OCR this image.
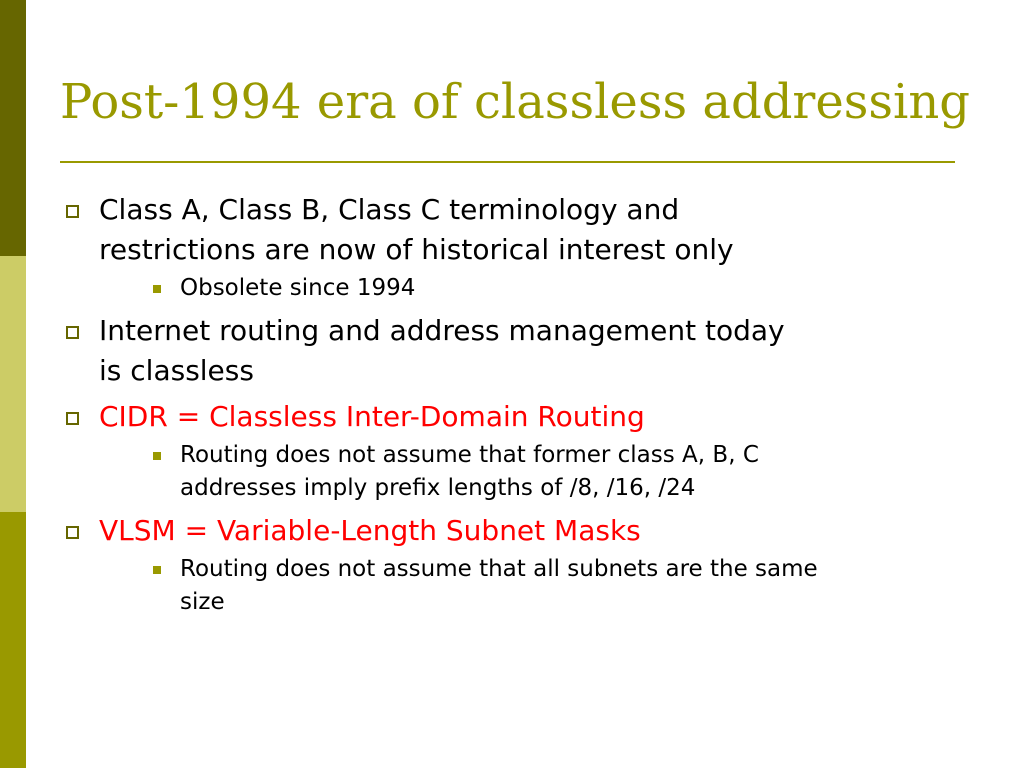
Post-1994 era of classless addressing
Class A, Class B, Class C terminology and
restrictions are now of historical interest only
Obsolete since 1994
Internet routing and address management today
is classless
CIDR = Classless Inter-Domain Routing
Routing does not assume that former class A, B, C
addresses imply prefix lengths of /8, /16, /24
VLSM = Variable-Length Subnet Masks
Routing does not assume that all subnets are the same
size
